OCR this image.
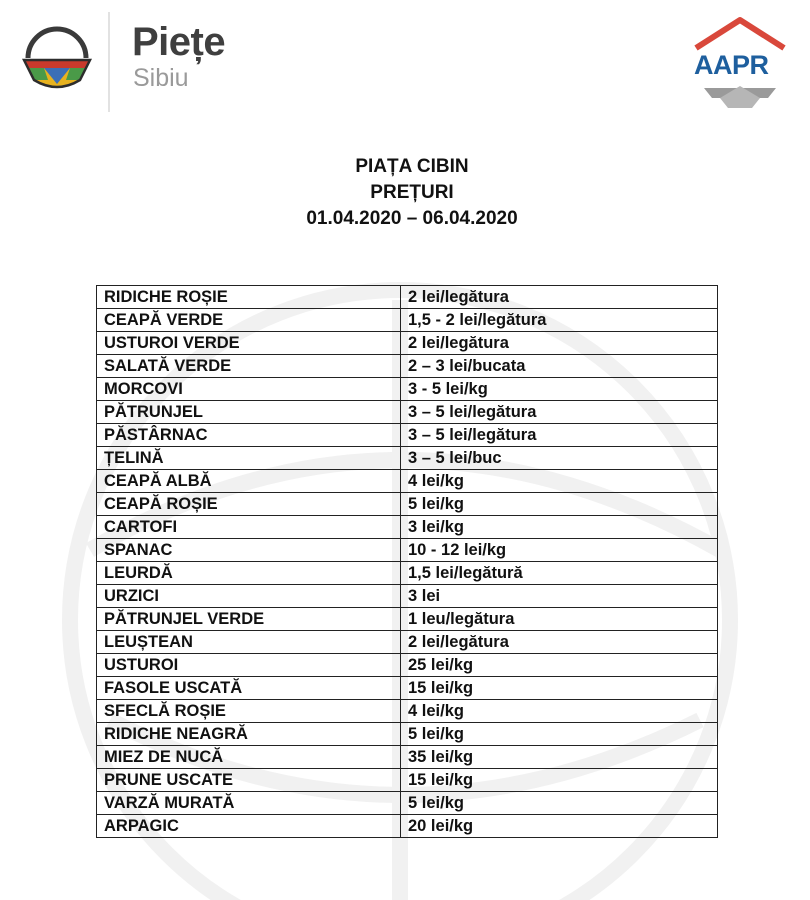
Piețe
Sibiu	AAPR
PIAȚA CIBIN
PREȚURI
01.04.2020 – 06.04.2020
RIDICHE ROȘIE	2 lei/legătura
CEAPĂ VERDE	1,5 - 2 lei/legătura
USTUROI VERDE	2 lei/legătura
SALATĂ VERDE	2 – 3 lei/bucata
MORCOVI	3 - 5 lei/kg
PĂTRUNJEL	3 – 5 lei/legătura
PĂSTÂRNAC	3 – 5 lei/legătura
ȚELINĂ	3 – 5 lei/buc
CEAPĂ ALBĂ	4 lei/kg
CEAPĂ ROȘIE	5 lei/kg
CARTOFI	3 lei/kg
SPANAC	10 - 12 lei/kg
LEURDĂ	1,5 lei/legătură
URZICI	3 lei
PĂTRUNJEL VERDE	1 leu/legătura
LEUȘTEAN	2 lei/legătura
USTUROI	25 lei/kg
FASOLE USCATĂ	15 lei/kg
SFECLĂ ROȘIE	4 lei/kg
RIDICHE NEAGRĂ	5 lei/kg
MIEZ DE NUCĂ	35 lei/kg
PRUNE USCATE	15 lei/kg
VARZĂ MURATĂ	5 lei/kg
ARPAGIC	20 lei/kg
